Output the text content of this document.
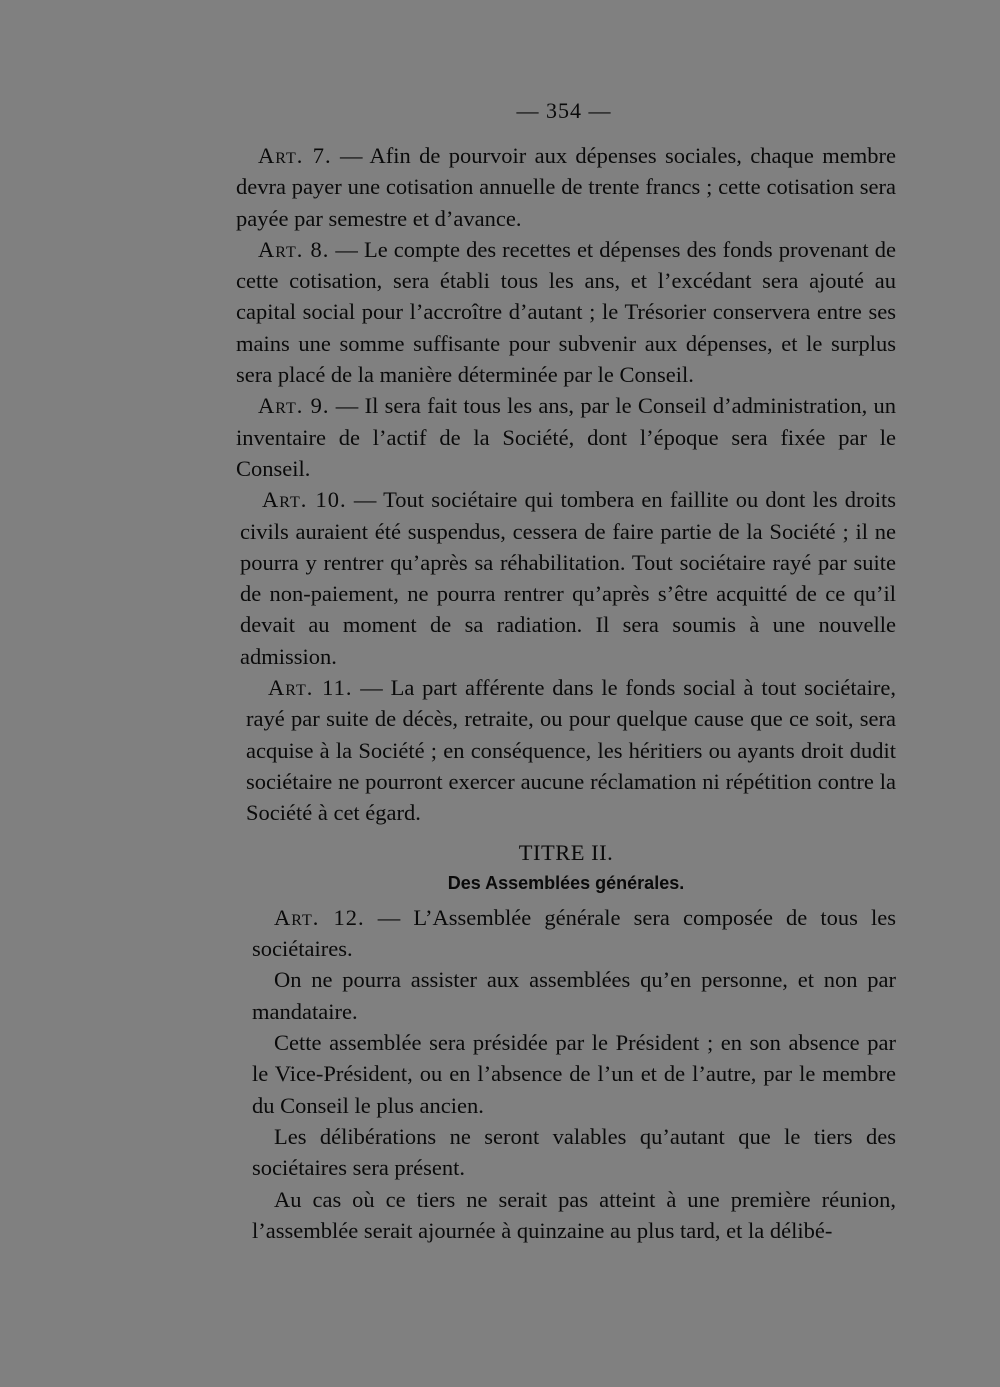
— 354 —

Art. 7. — Afin de pourvoir aux dépenses sociales, chaque membre devra payer une cotisation annuelle de trente francs ; cette cotisation sera payée par semestre et d’avance.

Art. 8. — Le compte des recettes et dépenses des fonds provenant de cette cotisation, sera établi tous les ans, et l’excédant sera ajouté au capital social pour l’accroître d’autant ; le Trésorier conservera entre ses mains une somme suffisante pour subvenir aux dépenses, et le surplus sera placé de la manière déterminée par le Conseil.

Art. 9. — Il sera fait tous les ans, par le Conseil d’administration, un inventaire de l’actif de la Société, dont l’époque sera fixée par le Conseil.

Art. 10. — Tout sociétaire qui tombera en faillite ou dont les droits civils auraient été suspendus, cessera de faire partie de la Société ; il ne pourra y rentrer qu’après sa réhabilitation. Tout sociétaire rayé par suite de non-paiement, ne pourra rentrer qu’après s’être acquitté de ce qu’il devait au moment de sa radiation. Il sera soumis à une nouvelle admission.

Art. 11. — La part afférente dans le fonds social à tout sociétaire, rayé par suite de décès, retraite, ou pour quelque cause que ce soit, sera acquise à la Société ; en conséquence, les héritiers ou ayants droit dudit sociétaire ne pourront exercer aucune réclamation ni répétition contre la Société à cet égard.

TITRE II.

Des Assemblées générales.

Art. 12. — L’Assemblée générale sera composée de tous les sociétaires.

On ne pourra assister aux assemblées qu’en personne, et non par mandataire.

Cette assemblée sera présidée par le Président ; en son absence par le Vice-Président, ou en l’absence de l’un et de l’autre, par le membre du Conseil le plus ancien.

Les délibérations ne seront valables qu’autant que le tiers des sociétaires sera présent.

Au cas où ce tiers ne serait pas atteint à une première réunion, l’assemblée serait ajournée à quinzaine au plus tard, et la délibé-
